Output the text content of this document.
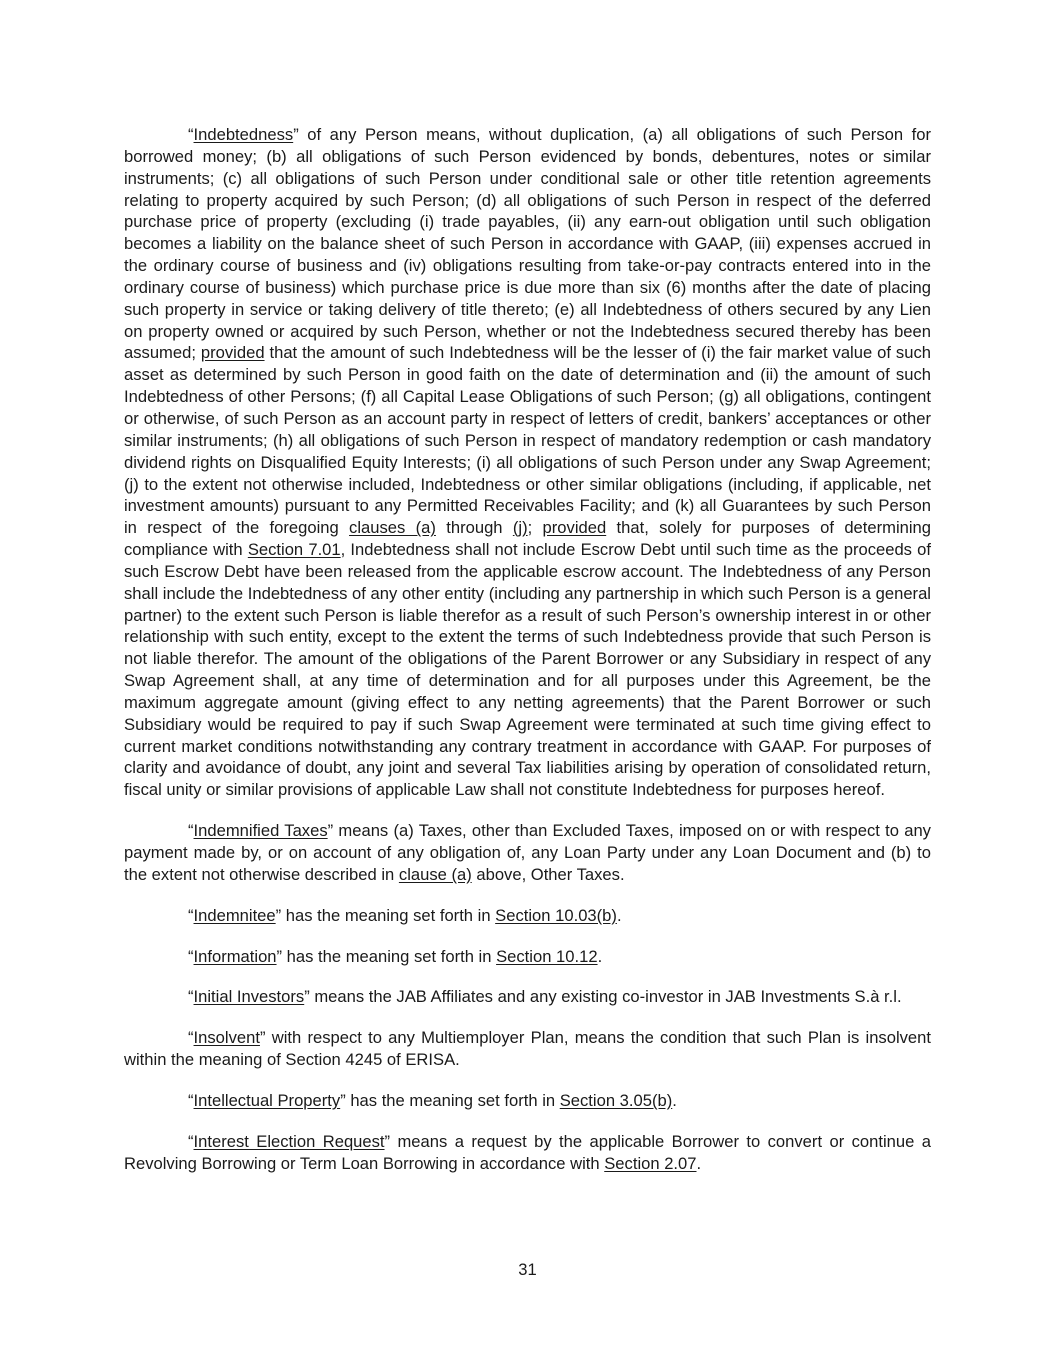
“Indebtedness” of any Person means, without duplication, (a) all obligations of such Person for borrowed money; (b) all obligations of such Person evidenced by bonds, debentures, notes or similar instruments; (c) all obligations of such Person under conditional sale or other title retention agreements relating to property acquired by such Person; (d) all obligations of such Person in respect of the deferred purchase price of property (excluding (i) trade payables, (ii) any earn-out obligation until such obligation becomes a liability on the balance sheet of such Person in accordance with GAAP, (iii) expenses accrued in the ordinary course of business and (iv) obligations resulting from take-or-pay contracts entered into in the ordinary course of business) which purchase price is due more than six (6) months after the date of placing such property in service or taking delivery of title thereto; (e) all Indebtedness of others secured by any Lien on property owned or acquired by such Person, whether or not the Indebtedness secured thereby has been assumed; provided that the amount of such Indebtedness will be the lesser of (i) the fair market value of such asset as determined by such Person in good faith on the date of determination and (ii) the amount of such Indebtedness of other Persons; (f) all Capital Lease Obligations of such Person; (g) all obligations, contingent or otherwise, of such Person as an account party in respect of letters of credit, bankers’ acceptances or other similar instruments; (h) all obligations of such Person in respect of mandatory redemption or cash mandatory dividend rights on Disqualified Equity Interests; (i) all obligations of such Person under any Swap Agreement; (j) to the extent not otherwise included, Indebtedness or other similar obligations (including, if applicable, net investment amounts) pursuant to any Permitted Receivables Facility; and (k) all Guarantees by such Person in respect of the foregoing clauses (a) through (j); provided that, solely for purposes of determining compliance with Section 7.01, Indebtedness shall not include Escrow Debt until such time as the proceeds of such Escrow Debt have been released from the applicable escrow account. The Indebtedness of any Person shall include the Indebtedness of any other entity (including any partnership in which such Person is a general partner) to the extent such Person is liable therefor as a result of such Person’s ownership interest in or other relationship with such entity, except to the extent the terms of such Indebtedness provide that such Person is not liable therefor. The amount of the obligations of the Parent Borrower or any Subsidiary in respect of any Swap Agreement shall, at any time of determination and for all purposes under this Agreement, be the maximum aggregate amount (giving effect to any netting agreements) that the Parent Borrower or such Subsidiary would be required to pay if such Swap Agreement were terminated at such time giving effect to current market conditions notwithstanding any contrary treatment in accordance with GAAP. For purposes of clarity and avoidance of doubt, any joint and several Tax liabilities arising by operation of consolidated return, fiscal unity or similar provisions of applicable Law shall not constitute Indebtedness for purposes hereof.

“Indemnified Taxes” means (a) Taxes, other than Excluded Taxes, imposed on or with respect to any payment made by, or on account of any obligation of, any Loan Party under any Loan Document and (b) to the extent not otherwise described in clause (a) above, Other Taxes.

“Indemnitee” has the meaning set forth in Section 10.03(b).

“Information” has the meaning set forth in Section 10.12.

“Initial Investors” means the JAB Affiliates and any existing co-investor in JAB Investments S.à r.l.

“Insolvent” with respect to any Multiemployer Plan, means the condition that such Plan is insolvent within the meaning of Section 4245 of ERISA.

“Intellectual Property” has the meaning set forth in Section 3.05(b).

“Interest Election Request” means a request by the applicable Borrower to convert or continue a Revolving Borrowing or Term Loan Borrowing in accordance with Section 2.07.

31
